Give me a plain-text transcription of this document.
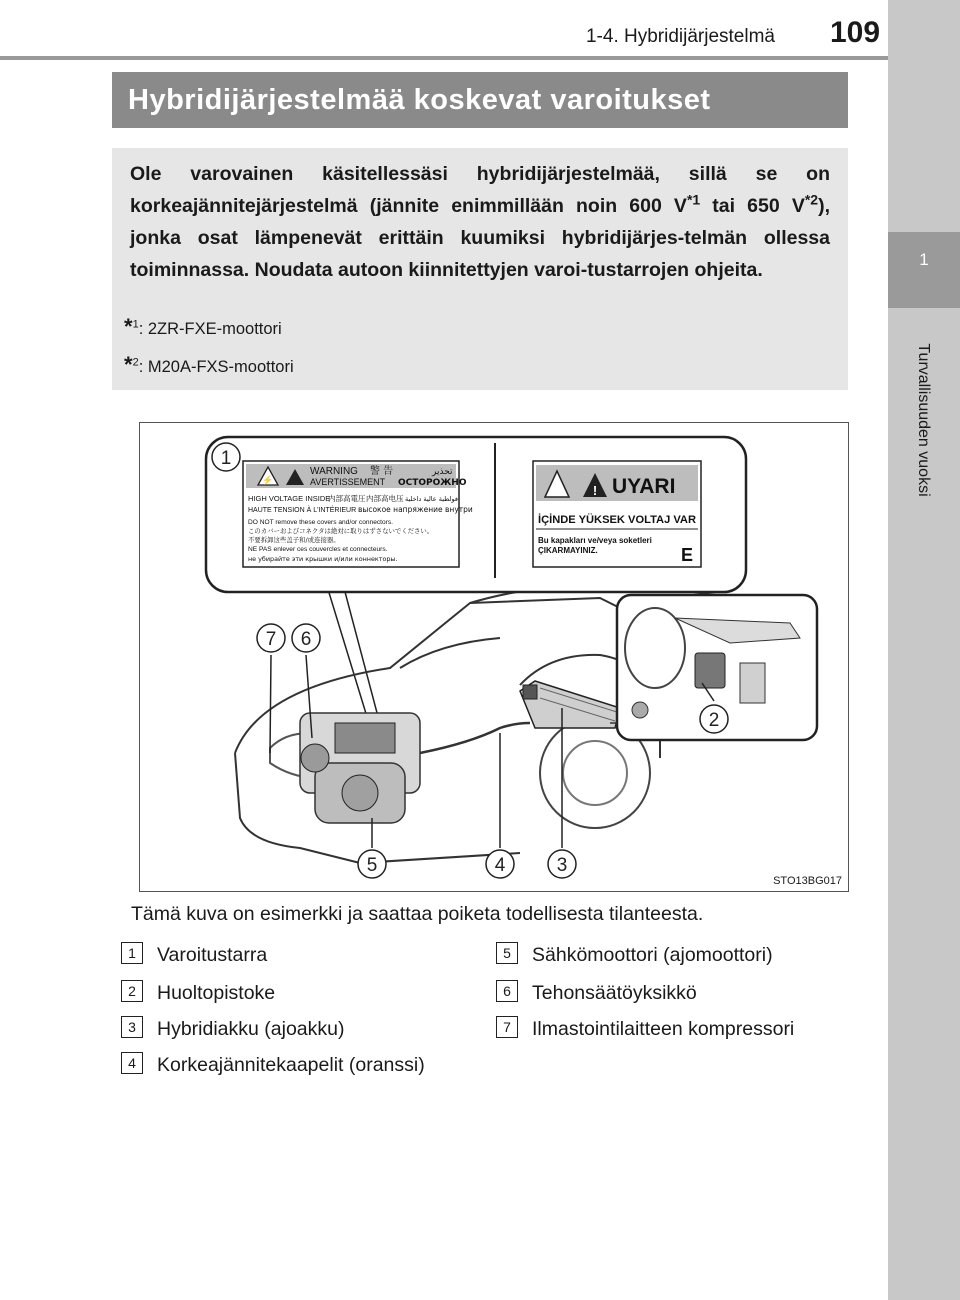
1
Turvallisuuden vuoksi
1-4. Hybridijärjestelmä 109
Hybridijärjestelmää koskevat varoitukset
Ole varovainen käsitellessäsi hybridijärjestelmää, sillä se on korkeajännitejärjestelmä (jännite enimmillään noin 600 $V^{*1}$ tai 650 $V^{*2}$), jonka osat lämpenevät erittäin kuumiksi hybridijärjes-telmän ollessa toiminnassa. Noudata autoon kiinnitettyjen varoi-tustarrojen ohjeita.
*$^1$: 2ZR-FXE-moottori
*$^2$: M20A-FXS-moottori
⚡
WARNING 警 告	تحذير
AVERTISSEMENT ОСТОРОЖНО
HIGH VOLTAGE INSIDE
内部高電圧 内部高电压 فولطية عالية داخلية
HAUTE TENSION À L'INTÉRIEUR высокое напряжение внутри
DO NOT remove these covers and/or connectors.
このカバーおよびコネクタは絶対に取りはずさないでください。
不要拆卸这些盖子和/或连接器。
NE PAS enlever ces couvercles et connecteurs.
не убирайте эти крышки и/или коннекторы.
! UYARI
İÇİNDE YÜKSEK VOLTAJ VAR
Bu kapakları ve/veya soketleri
ÇIKARMAYINIZ.	E
1
7 6
2
5	4	3
STO13BG017
Tämä kuva on esimerkki ja saattaa poiketa todellisesta tilanteesta.
1	Varoitustarra
2	Huoltopistoke
3	Hybridiakku (ajoakku)
4	Korkeajännitekaapelit (oranssi)
5	Sähkömoottori (ajomoottori)
6	Tehonsäätöyksikkö
7	Ilmastointilaitteen kompressori
